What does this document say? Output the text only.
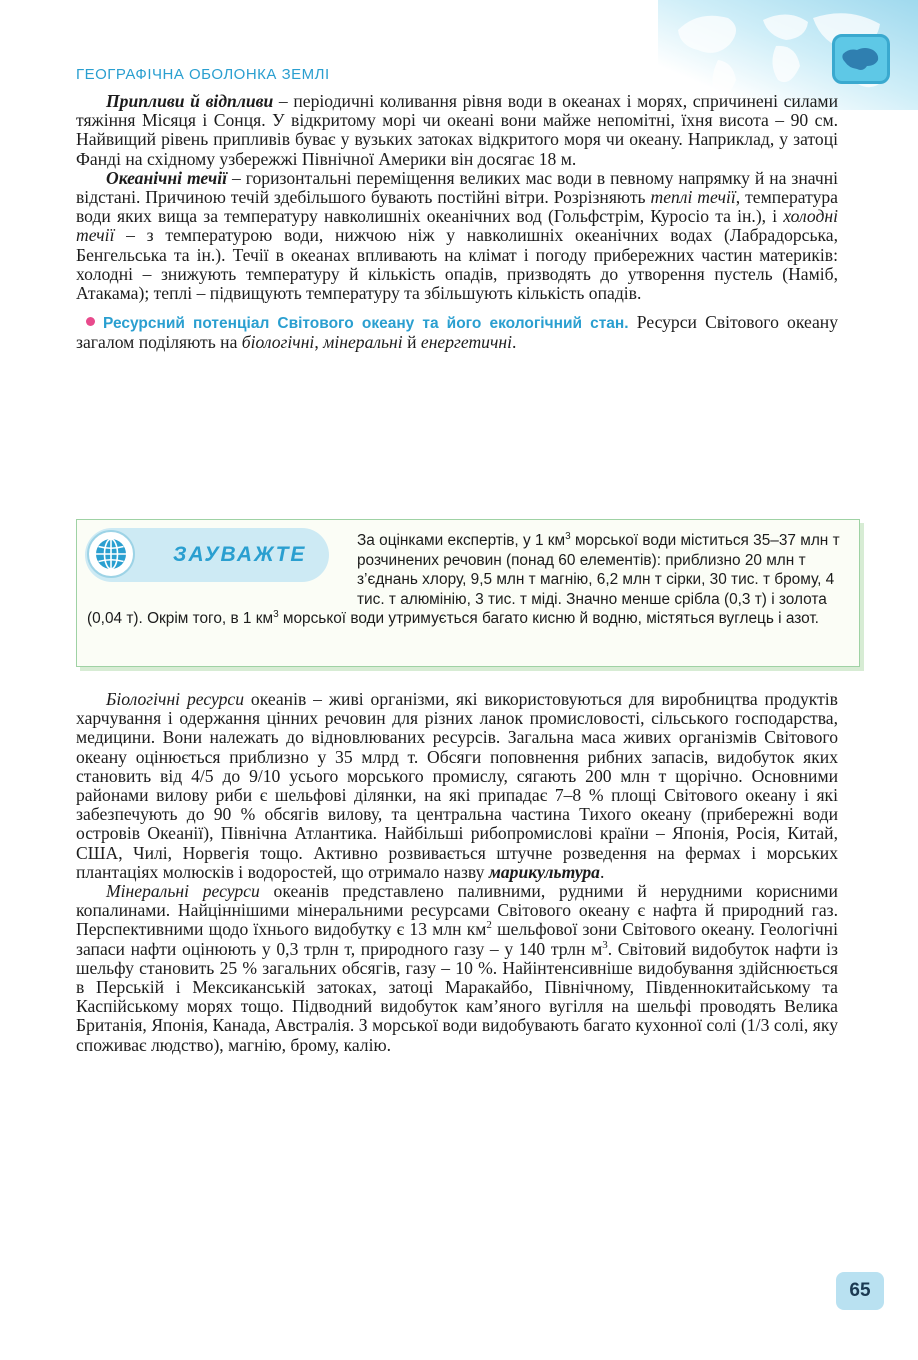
ГЕОГРАФІЧНА ОБОЛОНКА ЗЕМЛІ

Припливи й відпливи – періодичні коливання рівня води в океанах і морях, спричинені силами тяжіння Місяця і Сонця. У відкритому морі чи океані вони майже непомітні, їхня висота – 90 см. Найвищий рівень припливів буває у вузьких затоках відкритого моря чи океану. Наприклад, у затоці Фанді на східному узбережжі Північної Америки він досягає 18 м.

Океанічні течії – горизонтальні переміщення великих мас води в певному напрямку й на значні відстані. Причиною течій здебільшого бувають постійні вітри. Розрізняють теплі течії, температура води яких вища за температуру навколишніх океанічних вод (Гольфстрім, Куросіо та ін.), і холодні течії – з температурою води, нижчою ніж у навколишніх океанічних водах (Лабрадорська, Бенгельська та ін.). Течії в океанах впливають на клімат і погоду прибережних частин материків: холодні – знижують температуру й кількість опадів, призводять до утворення пустель (Наміб, Атакама); теплі – підвищують температуру та збільшують кількість опадів.

Ресурсний потенціал Світового океану та його екологічний стан. Ресурси Світового океану загалом поділяють на біологічні, мінеральні й енергетичні.

ЗАУВАЖТЕ
За оцінками експертів, у 1 $км^3$ морської води міститься 35–37 млн т розчинених речовин (понад 60 елементів): приблизно 20 млн т з’єднань хлору, 9,5 млн т магнію, 6,2 млн т сірки, 30 тис. т брому, 4 тис. т алюмінію, 3 тис. т міді. Значно менше срібла (0,3 т) і золота (0,04 т). Окрім того, в 1 $км^3$ морської води утримується багато кисню й водню, містяться вуглець і азот.

Біологічні ресурси океанів – живі організми, які використовуються для виробництва продуктів харчування і одержання цінних речовин для різних ланок промисловості, сільського господарства, медицини. Вони належать до відновлюваних ресурсів. Загальна маса живих організмів Світового океану оцінюється приблизно у 35 млрд т. Обсяги поповнення рибних запасів, видобуток яких становить від 4/5 до 9/10 усього морського промислу, сягають 200 млн т щорічно. Основними районами вилову риби є шельфові ділянки, на які припадає 7–8 % площі Світового океану і які забезпечують до 90 % обсягів вилову, та центральна частина Тихого океану (прибережні води островів Океанії), Північна Атлантика. Найбільші рибопромислові країни – Японія, Росія, Китай, США, Чилі, Норвегія тощо. Активно розвивається штучне розведення на фермах і морських плантаціях молюсків і водоростей, що отримало назву марикультура.

Мінеральні ресурси океанів представлено паливними, рудними й нерудними корисними копалинами. Найціннішими мінеральними ресурсами Світового океану є нафта й природний газ. Перспективними щодо їхнього видобутку є 13 млн $км^2$ шельфової зони Світового океану. Геологічні запаси нафти оцінюють у 0,3 трлн т, природного газу – у 140 трлн $м^3$. Світовий видобуток нафти із шельфу становить 25 % загальних обсягів, газу – 10 %. Найінтенсивніше видобування здійснюється в Перській і Мексиканській затоках, затоці Маракайбо, Північному, Південнокитайському та Каспійському морях тощо. Підводний видобуток кам’яного вугілля на шельфі проводять Велика Британія, Японія, Канада, Австралія. З морської води видобувають багато кухонної солі (1/3 солі, яку споживає людство), магнію, брому, калію.

65
